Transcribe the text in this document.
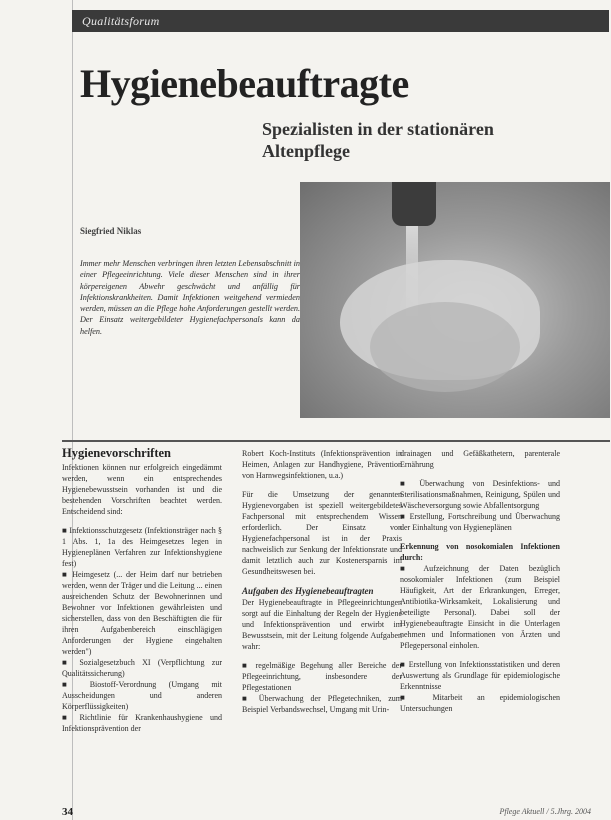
Qualitätsforum
Hygienebeauftragte
Spezialisten in der stationären Altenpflege
Siegfried Niklas
Immer mehr Menschen verbringen ihren letzten Lebensabschnitt in einer Pflegeeinrichtung. Viele dieser Menschen sind in ihrer körpereigenen Abwehr geschwächt und anfällig für Infektionskrankheiten. Damit Infektionen weitgehend vermieden werden, müssen an die Pflege hohe Anforderungen gestellt werden. Der Einsatz weitergebildeter Hygienefachpersonals kann da helfen.
Hygienevorschriften

Infektionen können nur erfolgreich eingedämmt werden, wenn ein entsprechendes Hygienebewusstsein vorhanden ist und die bestehenden Vorschriften beachtet werden. Entscheidend sind:

■ Infektionsschutzgesetz (Infektionsträger nach § 1 Abs. 1, 1a des Heimgesetzes legen in Hygieneplänen Verfahren zur Infektionshygiene fest)
■ Heimgesetz (... der Heim darf nur betrieben werden, wenn der Träger und die Leitung ... einen ausreichenden Schutz der Bewohnerinnen und Bewohner vor Infektionen gewährleisten und sicherstellen, dass von den Beschäftigten die für ihren Aufgabenbereich einschlägigen Anforderungen der Hygiene eingehalten werden")
■ Sozialgesetzbuch XI (Verpflichtung zur Qualitätssicherung)
■ Biostoff-Verordnung (Umgang mit Ausscheidungen und anderen Körperflüssigkeiten)
■ Richtlinie für Krankenhaushygiene und Infektionsprävention der

Robert Koch-Instituts (Infektionsprävention in Heimen, Anlagen zur Handhygiene, Prävention von Harnwegsinfektionen, u.a.)

Für die Umsetzung der genannten Hygienevorgaben ist speziell weitergebildetes Fachpersonal mit entsprechendem Wissen erforderlich. Der Einsatz von Hygienefachpersonal ist in der Praxis nachweislich zur Senkung der Infektionsrate und damit letztlich auch zur Kostenersparnis im Gesundheitswesen bei.

Aufgaben des Hygienebeauftragten

Der Hygienebeauftragte in Pflegeeinrichtungen sorgt auf die Einhaltung der Regeln der Hygiene und Infektionsprävention und erwirbt im Bewusstsein, mit der Leitung folgende Aufgaben wahr:

■ regelmäßige Begehung aller Bereiche der Pflegeeinrichtung, insbesondere der Pflegestationen
■ Überwachung der Pflegetechniken, zum Beispiel Verbandswechsel, Umgang mit Urin-

drainagen und Gefäßkathetern, parenterale Ernährung

■ Überwachung von Desinfektions- und Sterilisationsmaßnahmen, Reinigung, Spülen und Wäscheversorgung sowie Abfallentsorgung
■ Erstellung, Fortschreibung und Überwachung der Einhaltung von Hygieneplänen
Erkennung von nosokomialen Infektionen durch:
■ Aufzeichnung der Daten bezüglich nosokomialer Infektionen (zum Beispiel Häufigkeit, Art der Erkrankungen, Erreger, Antibiotika-Wirksamkeit, Lokalisierung und beteiligte Personal). Dabei soll der Hygienebeauftragte Einsicht in die Unterlagen nehmen und Informationen von Ärzten und Pflegepersonal einholen.
■ Erstellung von Infektionsstatistiken und deren Auswertung als Grundlage für epidemiologische Erkenntnisse
■ Mitarbeit an epidemiologischen Untersuchungen
34	Pflege Aktuell / 5.Jhrg. 2004
